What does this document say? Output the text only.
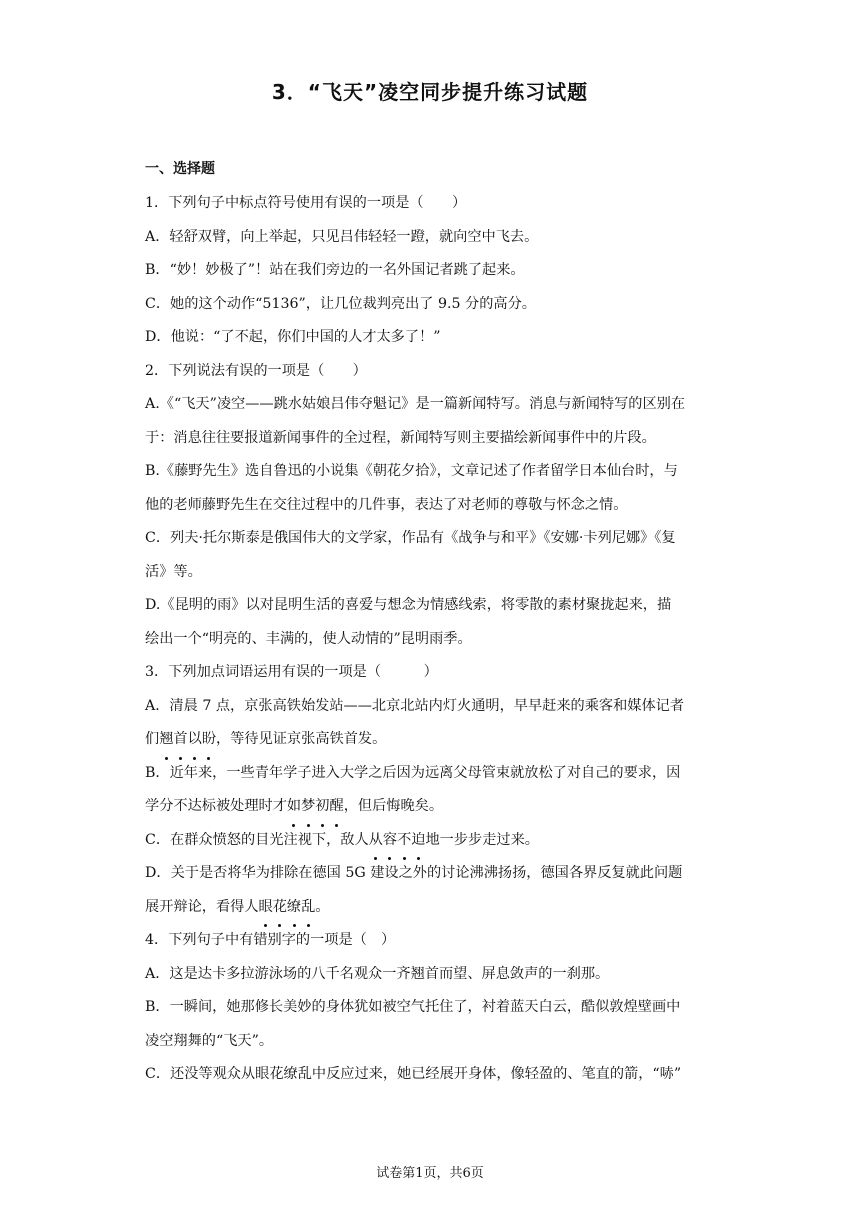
3．“飞天”凌空同步提升练习试题
一、选择题

1．下列句子中标点符号使用有误的一项是（　　）

A．轻舒双臂，向上举起，只见吕伟轻轻一蹬，就向空中飞去。

B．“妙！妙极了”！站在我们旁边的一名外国记者跳了起来。

C．她的这个动作“5136”，让几位裁判亮出了 9.5 分的高分。

D．他说：“了不起，你们中国的人才太多了！”

2．下列说法有误的一项是（　　）

A.《“飞天”凌空——跳水姑娘吕伟夺魁记》是一篇新闻特写。消息与新闻特写的区别在

于：消息往往要报道新闻事件的全过程，新闻特写则主要描绘新闻事件中的片段。

B.《藤野先生》选自鲁迅的小说集《朝花夕拾》，文章记述了作者留学日本仙台时，与

他的老师藤野先生在交往过程中的几件事，表达了对老师的尊敬与怀念之情。

C．列夫·托尔斯泰是俄国伟大的文学家，作品有《战争与和平》《安娜·卡列尼娜》《复

活》等。

D.《昆明的雨》以对昆明生活的喜爱与想念为情感线索，将零散的素材聚拢起来，描

绘出一个“明亮的、丰满的，使人动情的”昆明雨季。

3．下列加点词语运用有误的一项是（　　　）

A．清晨 7 点，京张高铁始发站——北京北站内灯火通明，早早赶来的乘客和媒体记者

们翘首以盼，等待见证京张高铁首发。

B．近年来，一些青年学子进入大学之后因为远离父母管束就放松了对自己的要求，因

学分不达标被处理时才如梦初醒，但后悔晚矣。

C．在群众愤怒的目光注视下，敌人从容不迫地一步步走过来。

D．关于是否将华为排除在德国 5G 建设之外的讨论沸沸扬扬，德国各界反复就此问题

展开辩论，看得人眼花缭乱。

4．下列句子中有错别字的一项是（　）

A．这是达卡多拉游泳场的八千名观众一齐翘首而望、屏息敛声的一刹那。

B．一瞬间，她那修长美妙的身体犹如被空气托住了，衬着蓝天白云，酷似敦煌壁画中

凌空翔舞的“飞天”。

C．还没等观众从眼花缭乱中反应过来，她已经展开身体，像轻盈的、笔直的箭，“哧”

试卷第1页，共6页
